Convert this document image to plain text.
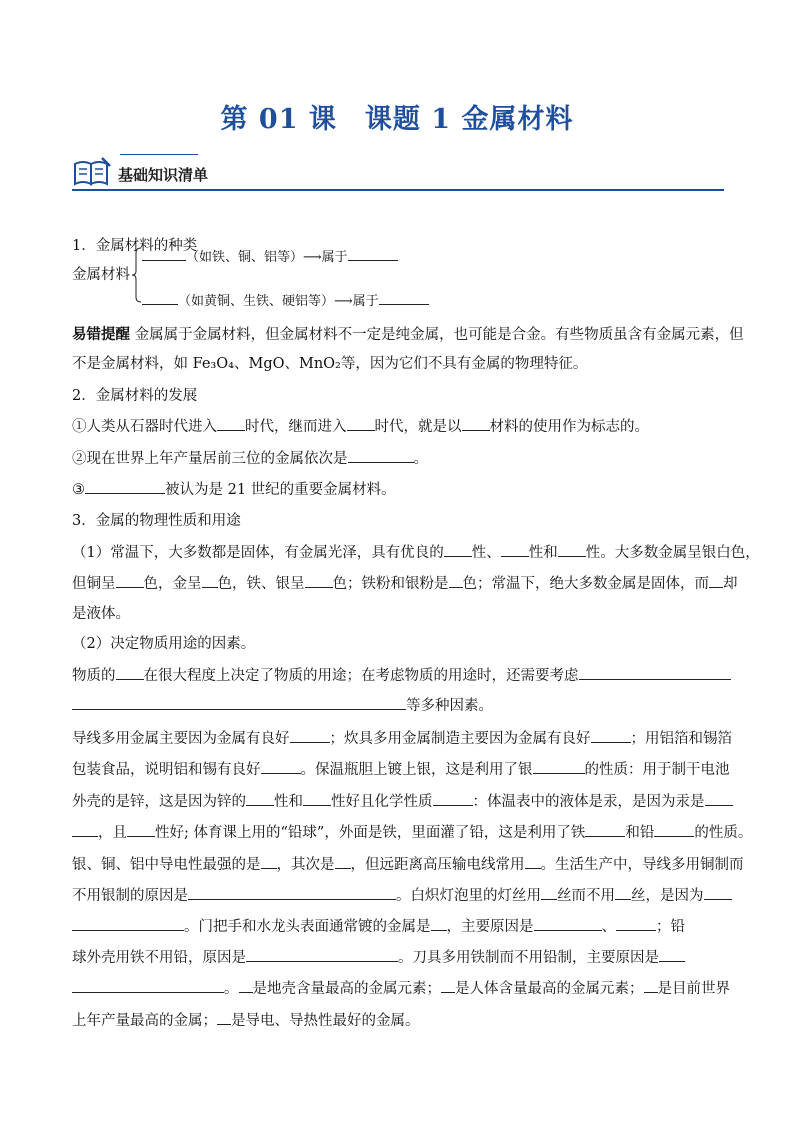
第 01 课　课题 1 金属材料
基础知识清单
1．金属材料的种类
金属材料
（如铁、铜、铝等）⟶属于
（如黄铜、生铁、硬铝等）⟶属于
易错提醒 金属属于金属材料，但金属材料不一定是纯金属，也可能是合金。有些物质虽含有金属元素，但
不是金属材料，如 Fe₃O₄、MgO、MnO₂等，因为它们不具有金属的物理特征。
2．金属材料的发展
①人类从石器时代进入 时代，继而进入 时代，就是以 材料的使用作为标志的。
②现在世界上年产量居前三位的金属依次是	。
③	被认为是 21 世纪的重要金属材料。
3．金属的物理性质和用途
（1）常温下，大多数都是固体，有金属光泽，具有优良的 性、 性和 性。大多数金属呈银白色，
但铜呈 色，金呈 色，铁、银呈 色；铁粉和银粉是 色；常温下，绝大多数金属是固体，而 却
是液体。
（2）决定物质用途的因素。
物质的 在很大程度上决定了物质的用途；在考虑物质的用途时，还需要考虑
等多种因素。
导线多用金属主要因为金属有良好	；炊具多用金属制造主要因为金属有良好	；用铝箔和锡箔
包装食品，说明铝和锡有良好	。保温瓶胆上镀上银，这是利用了银	的性质：用于制干电池
外壳的是锌，这是因为锌的 性和 性好且化学性质	：体温表中的液体是汞，是因为汞是
，且 性好; 体育课上用的“铅球”，外面是铁，里面灌了铅，这是利用了铁	和铅	的性质。
银、铜、铝中导电性最强的是 ，其次是 ，但远距离高压输电线常用 。生活生产中，导线多用铜制而
不用银制的原因是	。白炽灯泡里的灯丝用 丝而不用 丝，是因为
。门把手和水龙头表面通常镀的金属是 ，主要原因是	、	；铅
球外壳用铁不用铅，原因是	。刀具多用铁制而不用铅制，主要原因是
。 是地壳含量最高的金属元素； 是人体含量最高的金属元素； 是目前世界
上年产量最高的金属； 是导电、导热性最好的金属。
